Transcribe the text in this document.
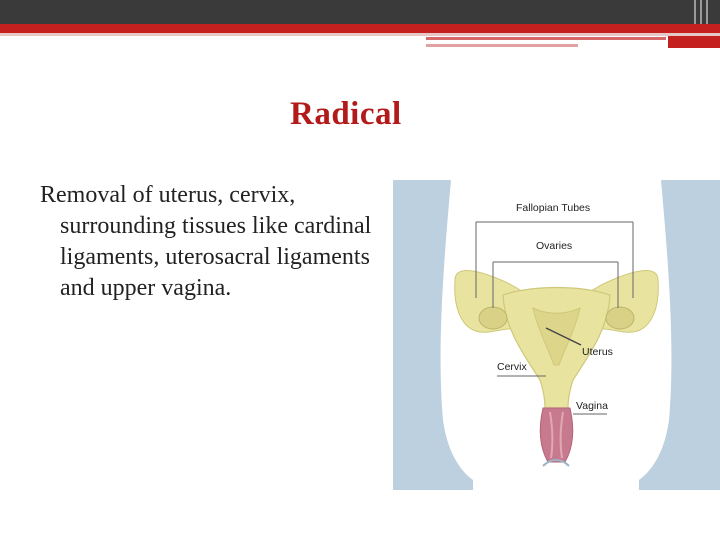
Radical
Removal of uterus, cervix,
surrounding tissues like cardinal ligaments, uterosacral ligaments and upper vagina.
Fallopian Tubes
Ovaries
Uterus
Cervix
Vagina
